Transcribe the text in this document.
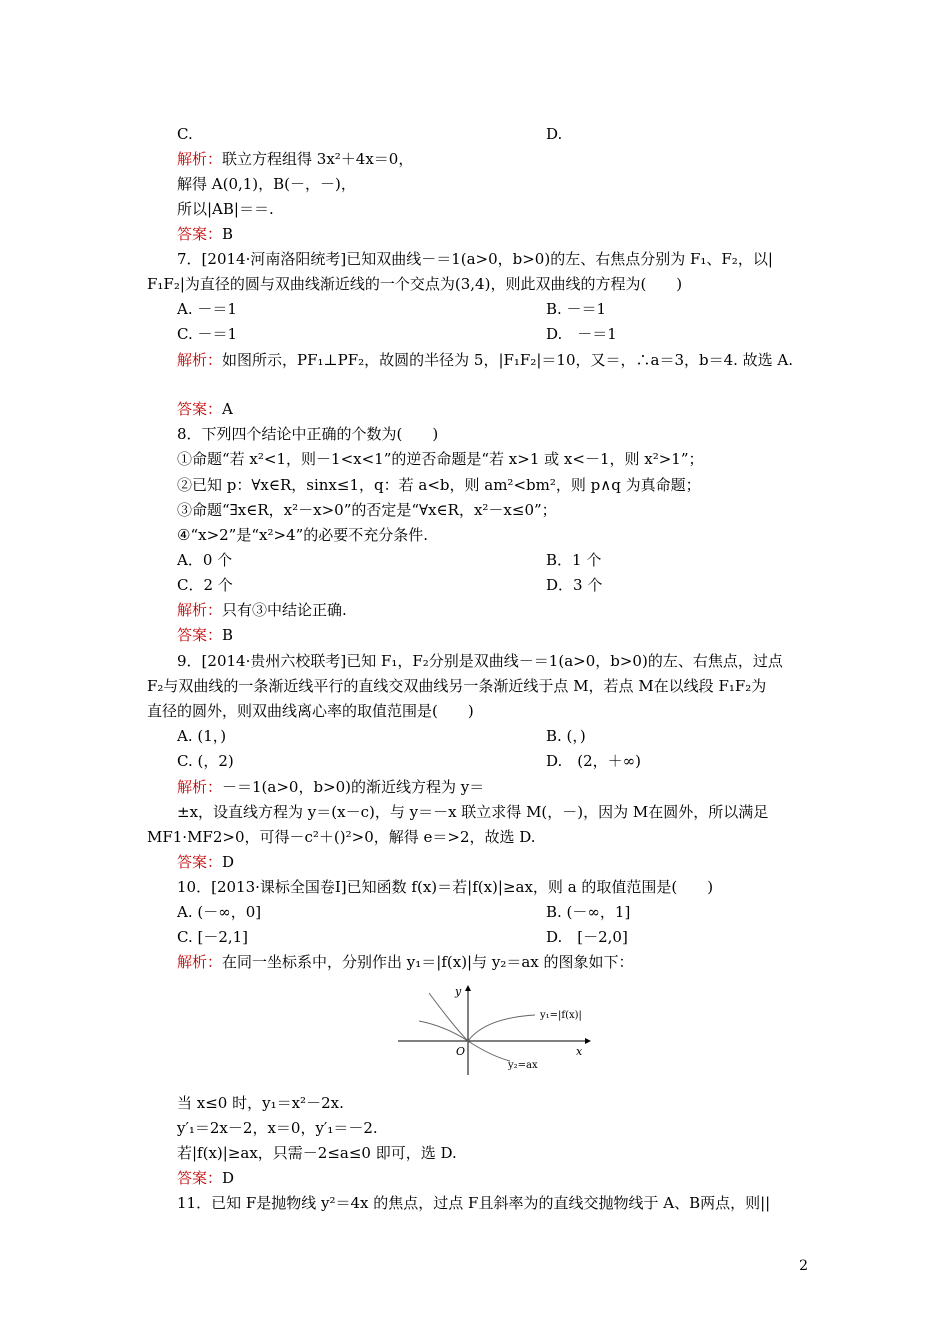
C.	D.
解析：联立方程组得 3x²＋4x＝0，
解得 A(0,1)，B(－，－)，
所以|AB|＝＝.
答案：B
7．[2014·河南洛阳统考]已知双曲线－＝1(a>0，b>0)的左、右焦点分别为 F₁、F₂，以|
F₁F₂|为直径的圆与双曲线渐近线的一个交点为(3,4)，则此双曲线的方程为(　　)
A. －＝1	B. －＝1
C. －＝1	D.　－＝1
解析：如图所示，PF₁⊥PF₂，故圆的半径为 5，|F₁F₂|＝10，又＝，∴a＝3，b＝4. 故选 A.
答案：A
8．下列四个结论中正确的个数为(　　)
①命题“若 x²<1，则－1<x<1”的逆否命题是“若 x>1 或 x<－1，则 x²>1”；
②已知 p：∀x∈R，sinx≤1，q：若 a<b，则 am²<bm²，则 p∧q 为真命题；
③命题“∃x∈R，x²－x>0”的否定是“∀x∈R，x²－x≤0”；
④“x>2”是“x²>4”的必要不充分条件.
A．0 个	B．1 个
C．2 个	D．3 个
解析：只有③中结论正确.
答案：B
9．[2014·贵州六校联考]已知 F₁，F₂分别是双曲线－＝1(a>0，b>0)的左、右焦点，过点
F₂与双曲线的一条渐近线平行的直线交双曲线另一条渐近线于点 M，若点 M在以线段 F₁F₂为
直径的圆外，则双曲线离心率的取值范围是(　　)
A. (1，)	B. (，)
C. (，2)	D.　(2，＋∞)
解析：－＝1(a>0，b>0)的渐近线方程为 y＝
±x，设直线方程为 y＝(x－c)，与 y＝－x 联立求得 M(，－)，因为 M在圆外，所以满足
MF1·MF2>0，可得－c²＋()²>0，解得 e＝>2，故选 D.
答案：D
10．[2013·课标全国卷Ⅰ]已知函数 f(x)＝若|f(x)|≥ax，则 a 的取值范围是(　　)
A. (－∞，0]	B. (－∞，1]
C. [－2,1]	D.　[－2,0]
解析：在同一坐标系中，分别作出 y₁＝|f(x)|与 y₂＝ax 的图象如下：
y
x
O
y₁=|f(x)|
y₂=ax
当 x≤0 时，y₁＝x²－2x.
y′₁＝2x－2，x＝0，y′₁＝－2.
若|f(x)|≥ax，只需－2≤a≤0 即可，选 D.
答案：D
11．已知 F是抛物线 y²＝4x 的焦点，过点 F且斜率为的直线交抛物线于 A、B两点，则||
2
